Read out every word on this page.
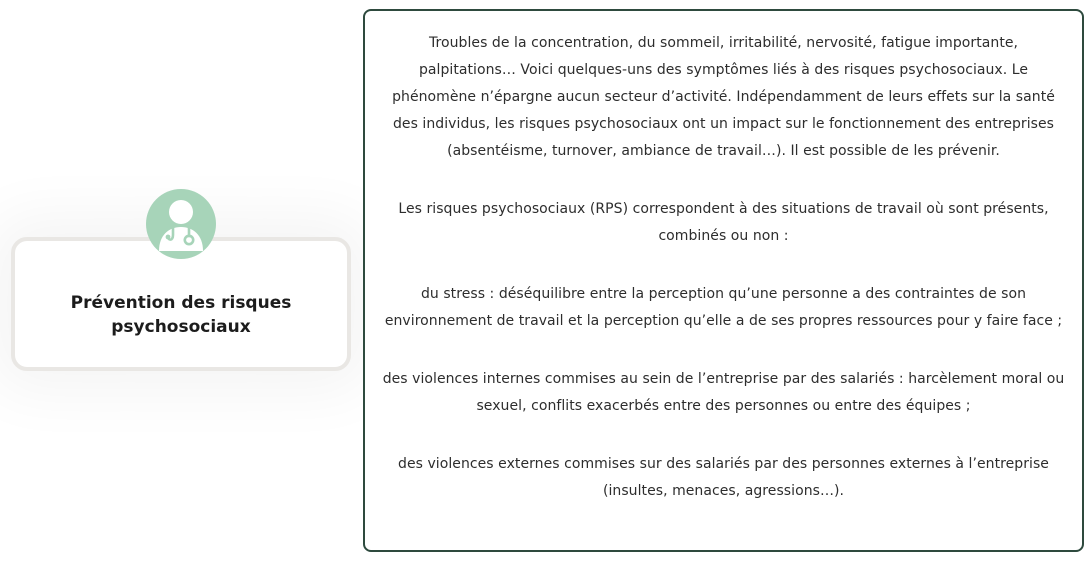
Prévention des risques psychosociaux

Troubles de la concentration, du sommeil, irritabilité, nervosité, fatigue importante, palpitations… Voici quelques-uns des symptômes liés à des risques psychosociaux. Le phénomène n’épargne aucun secteur d’activité. Indépendamment de leurs effets sur la santé des individus, les risques psychosociaux ont un impact sur le fonctionnement des entreprises (absentéisme, turnover, ambiance de travail…). Il est possible de les prévenir.

Les risques psychosociaux (RPS) correspondent à des situations de travail où sont présents, combinés ou non :

du stress : déséquilibre entre la perception qu’une personne a des contraintes de son environnement de travail et la perception qu’elle a de ses propres ressources pour y faire face ;

des violences internes commises au sein de l’entreprise par des salariés : harcèlement moral ou sexuel, conflits exacerbés entre des personnes ou entre des équipes ;

des violences externes commises sur des salariés par des personnes externes à l’entreprise (insultes, menaces, agressions…).
